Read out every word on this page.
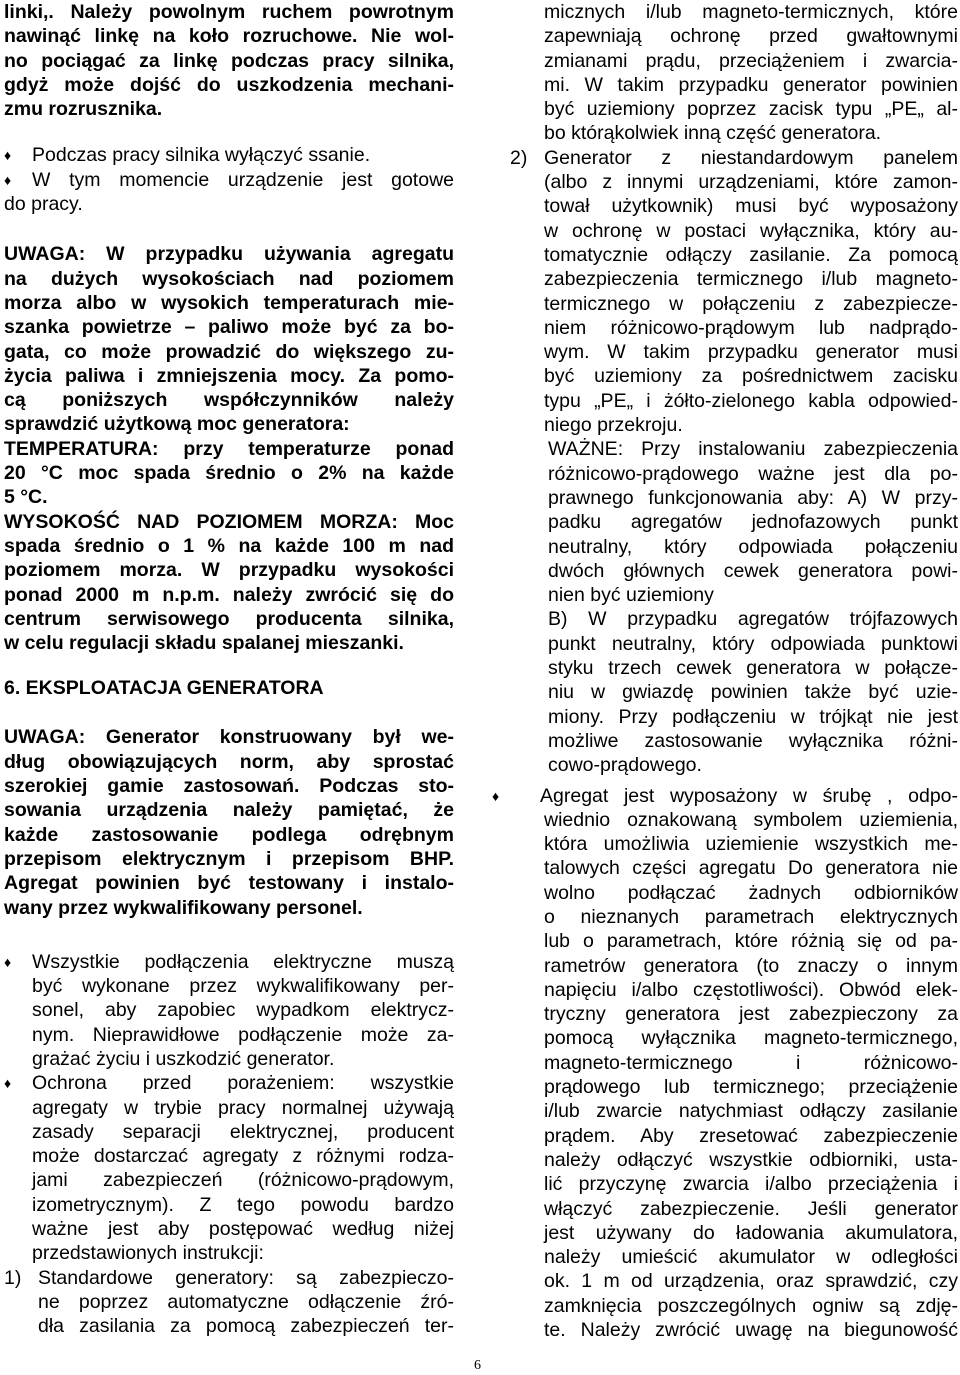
linki,. Należy powolnym ruchem powrotnym
nawinąć linkę na koło rozruchowe. Nie wol-
no pociągać za linkę podczas pracy silnika,
gdyż może dojść do uszkodzenia mechani-
zmu rozrusznika.
♦	Podczas pracy silnika wyłączyć ssanie.
♦	W tym momencie urządzenie jest gotowe
do pracy.
UWAGA: W przypadku używania agregatu
na dużych wysokościach nad poziomem
morza albo w wysokich temperaturach mie-
szanka powietrze – paliwo może być za bo-
gata, co może prowadzić do większego zu-
życia paliwa i zmniejszenia mocy. Za pomo-
cą poniższych współczynników należy
sprawdzić użytkową moc generatora:
TEMPERATURA: przy temperaturze ponad
20 °C moc spada średnio o 2% na każde
5 °C.
WYSOKOŚĆ NAD POZIOMEM MORZA: Moc
spada średnio o 1 % na każde 100 m nad
poziomem morza. W przypadku wysokości
ponad 2000 m n.p.m. należy zwrócić się do
centrum serwisowego producenta silnika,
w celu regulacji składu spalanej mieszanki.
6. EKSPLOATACJA GENERATORA
UWAGA: Generator konstruowany był we-
dług obowiązujących norm, aby sprostać
szerokiej gamie zastosowań. Podczas sto-
sowania urządzenia należy pamiętać, że
każde zastosowanie podlega odrębnym
przepisom elektrycznym i przepisom BHP.
Agregat powinien być testowany i instalo-
wany przez wykwalifikowany personel.
♦	Wszystkie podłączenia elektryczne muszą
być wykonane przez wykwalifikowany per-
sonel, aby zapobiec wypadkom elektrycz-
nym. Nieprawidłowe podłączenie może za-
grażać życiu i uszkodzić generator.
♦	Ochrona przed porażeniem: wszystkie
agregaty w trybie pracy normalnej używają
zasady separacji elektrycznej, producent
może dostarczać agregaty z różnymi rodza-
jami zabezpieczeń (różnicowo-prądowym,
izometrycznym). Z tego powodu bardzo
ważne jest aby postępować według niżej
przedstawionych instrukcji:
1) Standardowe generatory: są zabezpieczo-
ne poprzez automatyczne odłączenie źró-
dła zasilania za pomocą zabezpieczeń ter-
micznych i/lub magneto-termicznych, które
zapewniają ochronę przed gwałtownymi
zmianami prądu, przeciążeniem i zwarcia-
mi. W takim przypadku generator powinien
być uziemiony poprzez zacisk typu „PE„ al-
bo którąkolwiek inną część generatora.
2) Generator z niestandardowym panelem
(albo z innymi urządzeniami, które zamon-
tował użytkownik) musi być wyposażony
w ochronę w postaci wyłącznika, który au-
tomatycznie odłączy zasilanie. Za pomocą
zabezpieczenia termicznego i/lub magneto-
termicznego w połączeniu z zabezpiecze-
niem różnicowo-prądowym lub nadprądo-
wym. W takim przypadku generator musi
być uziemiony za pośrednictwem zacisku
typu „PE„ i żółto-zielonego kabla odpowied-
niego przekroju.
WAŻNE: Przy instalowaniu zabezpieczenia
różnicowo-prądowego ważne jest dla po-
prawnego funkcjonowania aby: A) W przy-
padku agregatów jednofazowych punkt
neutralny, który odpowiada połączeniu
dwóch głównych cewek generatora powi-
nien być uziemiony
B) W przypadku agregatów trójfazowych
punkt neutralny, który odpowiada punktowi
styku trzech cewek generatora w połącze-
niu w gwiazdę powinien także być uzie-
miony. Przy podłączeniu w trójkąt nie jest
możliwe zastosowanie wyłącznika różni-
cowo-prądowego.
♦	Agregat jest wyposażony w śrubę , odpo-
wiednio oznakowaną symbolem uziemienia,
która umożliwia uziemienie wszystkich me-
talowych części agregatu Do generatora nie
wolno podłączać żadnych odbiorników
o nieznanych parametrach elektrycznych
lub o parametrach, które różnią się od pa-
rametrów generatora (to znaczy o innym
napięciu i/albo częstotliwości). Obwód elek-
tryczny generatora jest zabezpieczony za
pomocą wyłącznika magneto-termicznego,
magneto-termicznego i różnicowo-
prądowego lub termicznego; przeciążenie
i/lub zwarcie natychmiast odłączy zasilanie
prądem. Aby zresetować zabezpieczenie
należy odłączyć wszystkie odbiorniki, usta-
lić przyczynę zwarcia i/albo przeciążenia i
włączyć zabezpieczenie. Jeśli generator
jest używany do ładowania akumulatora,
należy umieścić akumulator w odległości
ok. 1 m od urządzenia, oraz sprawdzić, czy
zamknięcia poszczególnych ogniw są zdję-
te. Należy zwrócić uwagę na biegunowość
6
